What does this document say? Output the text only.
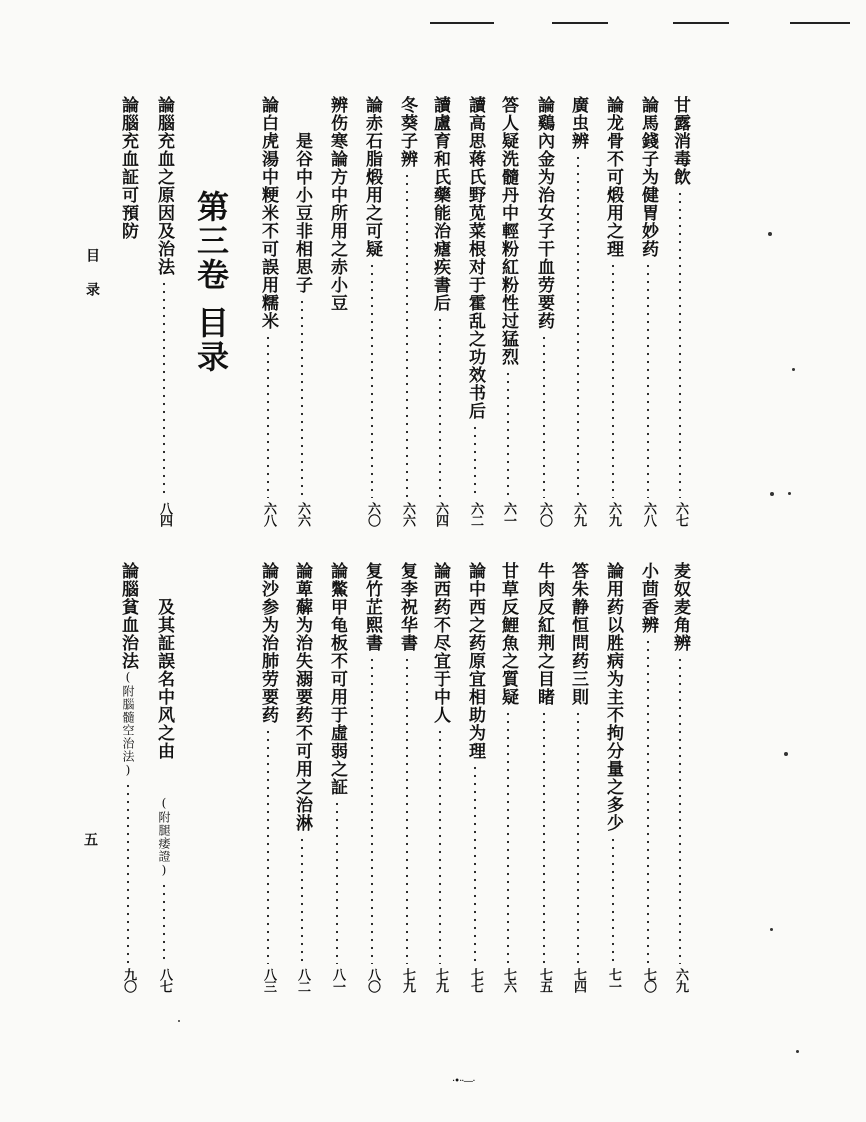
甘露消毒飲
六七
論馬錢子为健胃妙药
六八
論龙骨不可煅用之理
六九
廣虫辨
六九
論鷄內金为治女子干血劳要药
六〇
答人疑洗髓丹中輕粉紅粉性过猛烈
六一
讀高思蒋氏野苋菜根对于霍乱之功效书后
六二
讀盧育和氏藥能治瘧疾書后
六四
冬葵子辨
六六
論赤石脂煅用之可疑
六〇
辨伤寒論方中所用之赤小豆
是谷中小豆非相思子
六六
論白虎湯中粳米不可誤用糯米
六八
第三卷目录
論腦充血之原因及治法
八四
論腦充血証可預防
麦奴麦角辨
六九
小茴香辨
七〇
論用药以胜病为主不拘分量之多少
七一
答朱静恒問药三則
七四
牛肉反紅荆之目睹
七五
甘草反鯉魚之質疑
七六
論中西之药原宜相助为理
七七
論西药不尽宜于中人
七九
复李祝华書
七九
复竹芷熙書
八〇
論鱉甲龟板不可用于虛弱之証
八一
論萆薢为治失溺要药不可用之治淋
八二
論沙参为治肺劳要药
八三
及其証誤名中风之由
(附腿痿證)
八七
論腦貧血治法
(附腦髓空治法)
九〇
目录
五
·•··—·
